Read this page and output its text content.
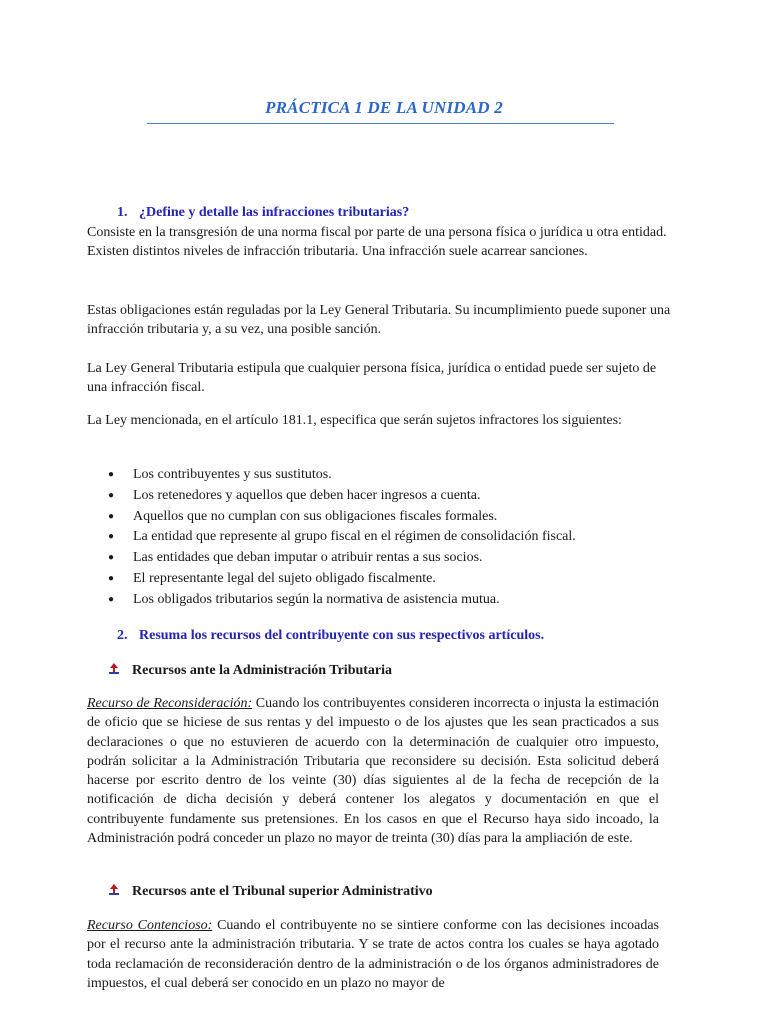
PRÁCTICA 1 DE LA UNIDAD 2
1. ¿Define y detalle las infracciones tributarias?
Consiste en la transgresión de una norma fiscal por parte de una persona física o jurídica u otra entidad. Existen distintos niveles de infracción tributaria. Una infracción suele acarrear sanciones.
Estas obligaciones están reguladas por la Ley General Tributaria. Su incumplimiento puede suponer una infracción tributaria y, a su vez, una posible sanción.
La Ley General Tributaria estipula que cualquier persona física, jurídica o entidad puede ser sujeto de una infracción fiscal.
La Ley mencionada, en el artículo 181.1, especifica que serán sujetos infractores los siguientes:
● Los contribuyentes y sus sustitutos.
● Los retenedores y aquellos que deben hacer ingresos a cuenta.
● Aquellos que no cumplan con sus obligaciones fiscales formales.
● La entidad que represente al grupo fiscal en el régimen de consolidación fiscal.
● Las entidades que deban imputar o atribuir rentas a sus socios.
● El representante legal del sujeto obligado fiscalmente.
● Los obligados tributarios según la normativa de asistencia mutua.
2. Resuma los recursos del contribuyente con sus respectivos artículos.
Recursos ante la Administración Tributaria
Recurso de Reconsideración: Cuando los contribuyentes consideren incorrecta o injusta la estimación de oficio que se hiciese de sus rentas y del impuesto o de los ajustes que les sean practicados a sus declaraciones o que no estuvieren de acuerdo con la determinación de cualquier otro impuesto, podrán solicitar a la Administración Tributaria que reconsidere su decisión. Esta solicitud deberá hacerse por escrito dentro de los veinte (30) días siguientes al de la fecha de recepción de la notificación de dicha decisión y deberá contener los alegatos y documentación en que el contribuyente fundamente sus pretensiones. En los casos en que el Recurso haya sido incoado, la Administración podrá conceder un plazo no mayor de treinta (30) días para la ampliación de este.
Recursos ante el Tribunal superior Administrativo
Recurso Contencioso: Cuando el contribuyente no se sintiere conforme con las decisiones incoadas por el recurso ante la administración tributaria. Y se trate de actos contra los cuales se haya agotado toda reclamación de reconsideración dentro de la administración o de los órganos administradores de impuestos, el cual deberá ser conocido en un plazo no mayor de
